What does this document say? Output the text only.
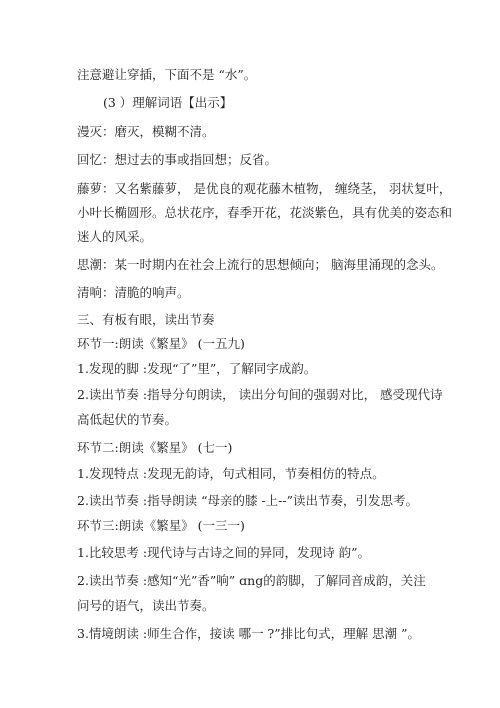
注意避让穿插，下面不是 “水”。
(3 ）理解词语【出示】
漫灭：磨灭，模糊不清。
回忆：想过去的事或指回想；反省。
藤萝：又名紫藤萝， 是优良的观花藤木植物， 缠绕茎， 羽状复叶，
小叶长椭圆形。总状花序，春季开花，花淡紫色，具有优美的姿态和
迷人的风采。
思潮：某一时期内在社会上流行的思想倾向； 脑海里涌现的念头。
清响：清脆的响声。
三、有板有眼，读出节奏
环节一:朗读《繁星》 (一五九)
1.发现的脚 :发现“了”里”，了解同字成韵。
2.读出节奏 :指导分句朗读， 读出分句间的强弱对比， 感受现代诗
高低起伏的节奏。
环节二:朗读《繁星》 (七一)
1.发现特点 :发现无韵诗，句式相同，节奏相仿的特点。
2.读出节奏 :指导朗读 “母亲的膝 -上--”读出节奏，引发思考。
环节三:朗读《繁星》 (一三一)
1.比较思考 :现代诗与古诗之间的异同，发现诗 韵”。
2.读出节奏 :感知“光”香”响” ɑng的韵脚，了解同音成韵，关注
问号的语气，读出节奏。
3.情境朗读 :师生合作，接读 哪一 ?”排比句式，理解 思潮 ”。
